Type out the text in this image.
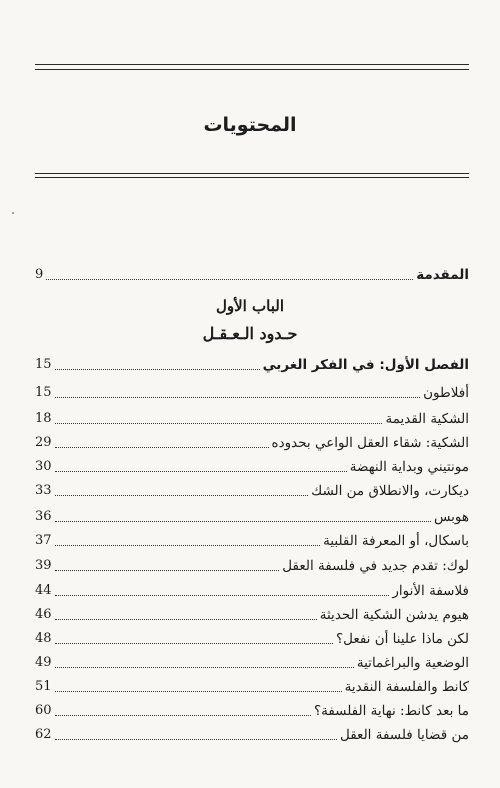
المحتويات
المقدمة
9
الباب الأول
حـدود الـعـقـل
الفصل الأول: في الفكر الغربي
15
أفلاطون
15
الشكية القديمة
18
الشكية: شقاء العقل الواعي بحدوده
29
مونتيني وبداية النهضة
30
ديكارت، والانطلاق من الشك
33
هوبس
36
باسكال، أو المعرفة القلبية
37
لوك: تقدم جديد في فلسفة العقل
39
فلاسفة الأنوار
44
هيوم يدشن الشكية الحديثة
46
لكن ماذا علينا أن نفعل؟
48
الوضعية والبراغماتية
49
كانط والفلسفة النقدية
51
ما بعد كانط: نهاية الفلسفة؟
60
من قضايا فلسفة العقل
62
